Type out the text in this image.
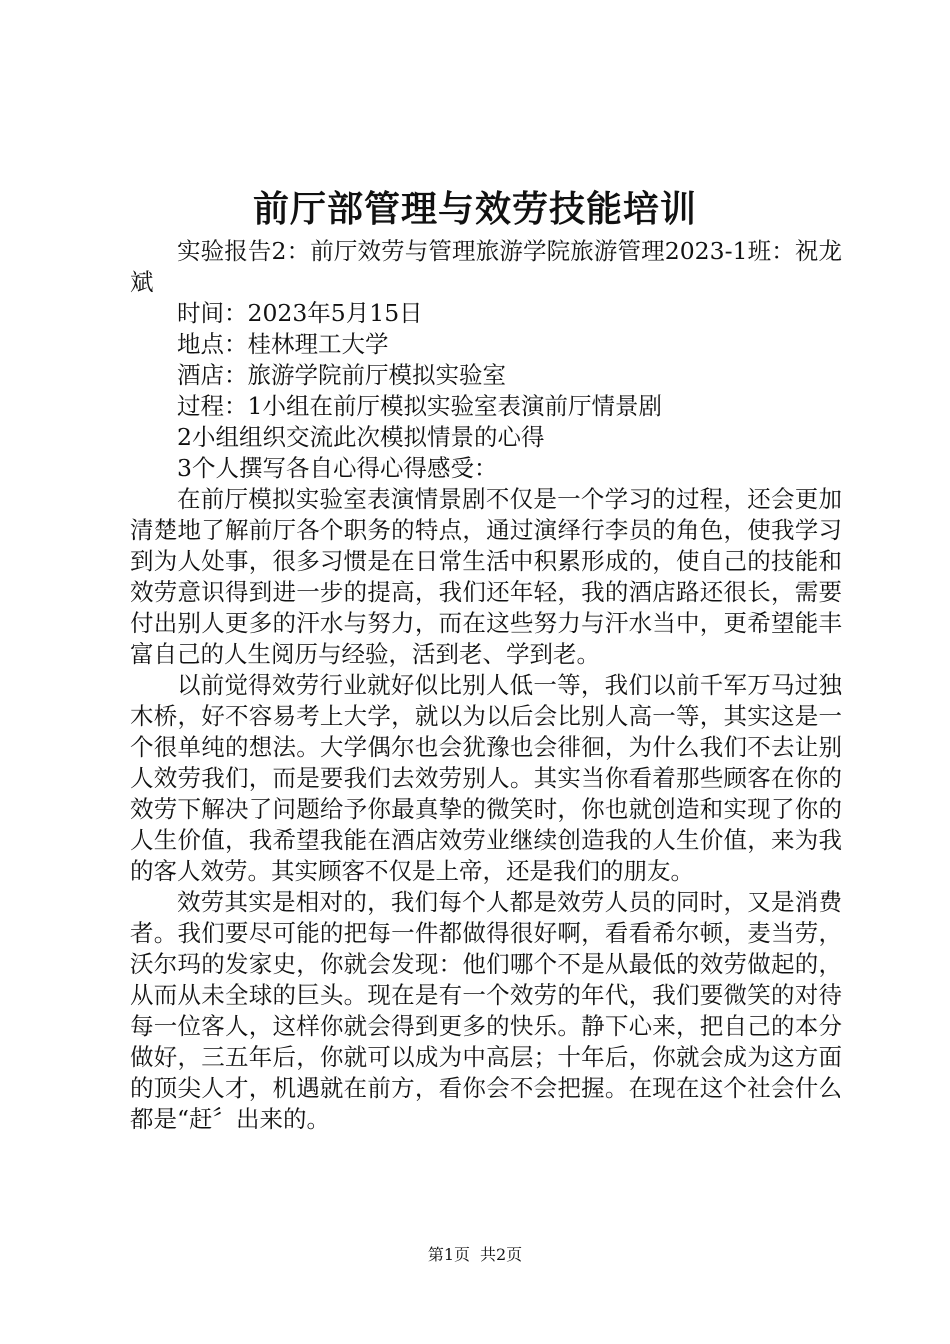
前厅部管理与效劳技能培训

实验报告2：前厅效劳与管理旅游学院旅游管理2023-1班：祝龙斌

时间：2023年5月15日

地点：桂林理工大学

酒店：旅游学院前厅模拟实验室

过程：1小组在前厅模拟实验室表演前厅情景剧

2小组组织交流此次模拟情景的心得

3个人撰写各自心得心得感受：

在前厅模拟实验室表演情景剧不仅是一个学习的过程，还会更加清楚地了解前厅各个职务的特点，通过演绎行李员的角色，使我学习到为人处事，很多习惯是在日常生活中积累形成的，使自己的技能和效劳意识得到进一步的提高，我们还年轻，我的酒店路还很长，需要付出别人更多的汗水与努力，而在这些努力与汗水当中，更希望能丰富自己的人生阅历与经验，活到老、学到老。

以前觉得效劳行业就好似比别人低一等，我们以前千军万马过独木桥，好不容易考上大学，就以为以后会比别人高一等，其实这是一个很单纯的想法。大学偶尔也会犹豫也会徘徊，为什么我们不去让别人效劳我们，而是要我们去效劳别人。其实当你看着那些顾客在你的效劳下解决了问题给予你最真挚的微笑时，你也就创造和实现了你的人生价值，我希望我能在酒店效劳业继续创造我的人生价值，来为我的客人效劳。其实顾客不仅是上帝，还是我们的朋友。

效劳其实是相对的，我们每个人都是效劳人员的同时，又是消费者。我们要尽可能的把每一件都做得很好啊，看看希尔顿，麦当劳，沃尔玛的发家史，你就会发现：他们哪个不是从最低的效劳做起的，从而从未全球的巨头。现在是有一个效劳的年代，我们要微笑的对待每一位客人，这样你就会得到更多的快乐。静下心来，把自己的本分做好，三五年后，你就可以成为中高层；十年后，你就会成为这方面的顶尖人才，机遇就在前方，看你会不会把握。在现在这个社会什么都是“赶〞出来的。

第1页 共2页
